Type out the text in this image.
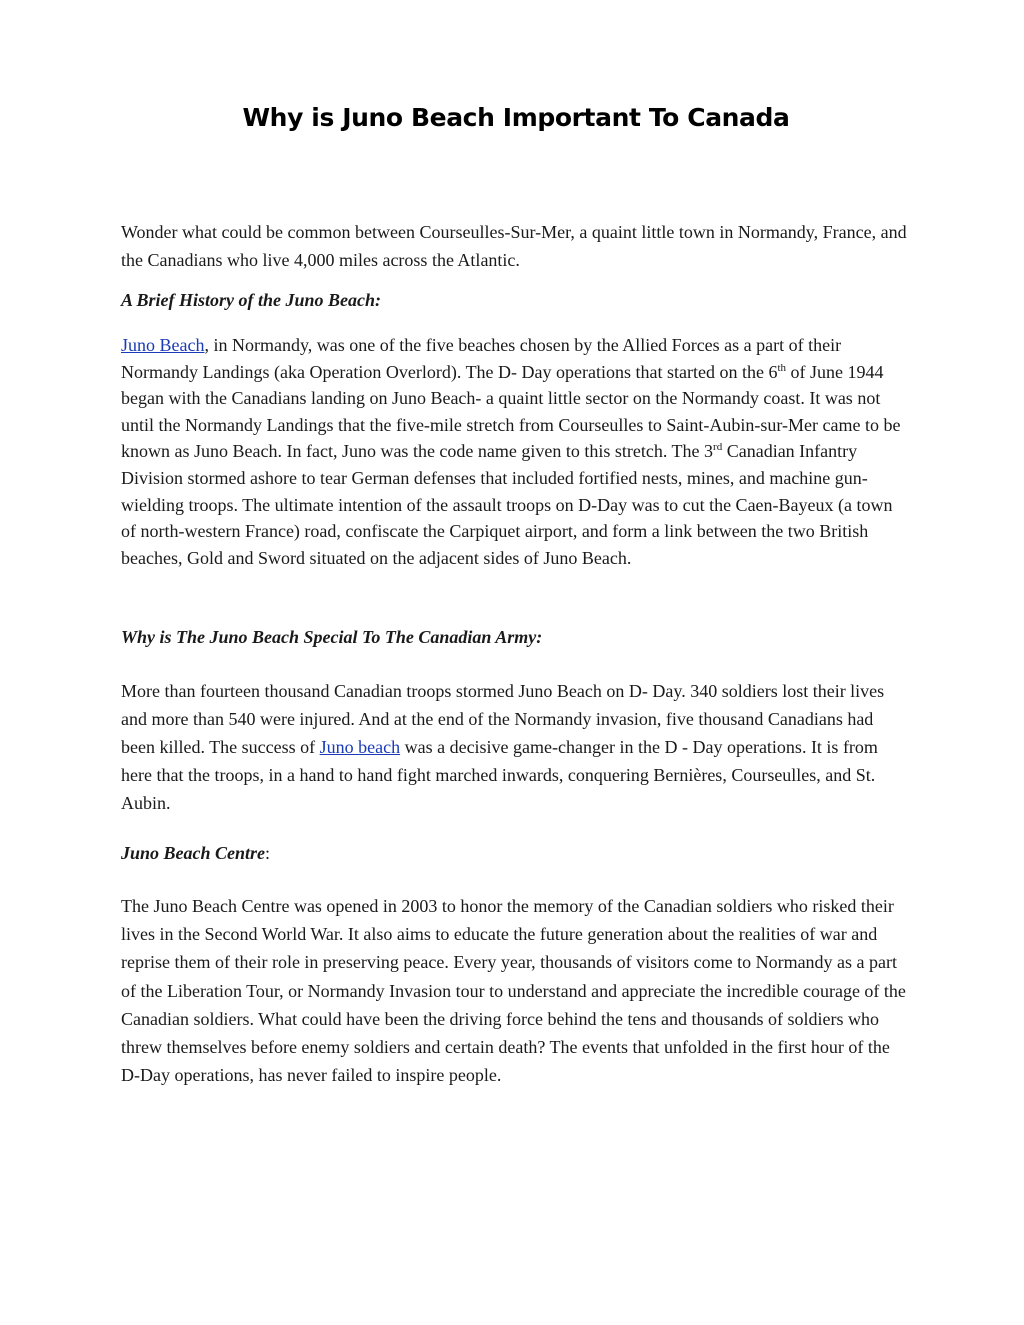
Why is Juno Beach Important To Canada

Wonder what could be common between Courseulles-Sur-Mer, a quaint little town in Normandy, France, and the Canadians who live 4,000 miles across the Atlantic.

A Brief History of the Juno Beach:

Juno Beach, in Normandy, was one of the five beaches chosen by the Allied Forces as a part of their Normandy Landings (aka Operation Overlord). The D- Day operations that started on the 6th of June 1944 began with the Canadians landing on Juno Beach- a quaint little sector on the Normandy coast. It was not until the Normandy Landings that the five-mile stretch from Courseulles to Saint-Aubin-sur-Mer came to be known as Juno Beach. In fact, Juno was the code name given to this stretch. The 3rd Canadian Infantry Division stormed ashore to tear German defenses that included fortified nests, mines, and machine gun-wielding troops. The ultimate intention of the assault troops on D-Day was to cut the Caen-Bayeux (a town of north-western France) road, confiscate the Carpiquet airport, and form a link between the two British beaches, Gold and Sword situated on the adjacent sides of Juno Beach.

Why is The Juno Beach Special To The Canadian Army:

More than fourteen thousand Canadian troops stormed Juno Beach on D- Day. 340 soldiers lost their lives and more than 540 were injured. And at the end of the Normandy invasion, five thousand Canadians had been killed. The success of Juno beach was a decisive game-changer in the D - Day operations. It is from here that the troops, in a hand to hand fight marched inwards, conquering Bernières, Courseulles, and St. Aubin.

Juno Beach Centre:

The Juno Beach Centre was opened in 2003 to honor the memory of the Canadian soldiers who risked their lives in the Second World War. It also aims to educate the future generation about the realities of war and reprise them of their role in preserving peace. Every year, thousands of visitors come to Normandy as a part of the Liberation Tour, or Normandy Invasion tour to understand and appreciate the incredible courage of the Canadian soldiers. What could have been the driving force behind the tens and thousands of soldiers who threw themselves before enemy soldiers and certain death? The events that unfolded in the first hour of the D-Day operations, has never failed to inspire people.
